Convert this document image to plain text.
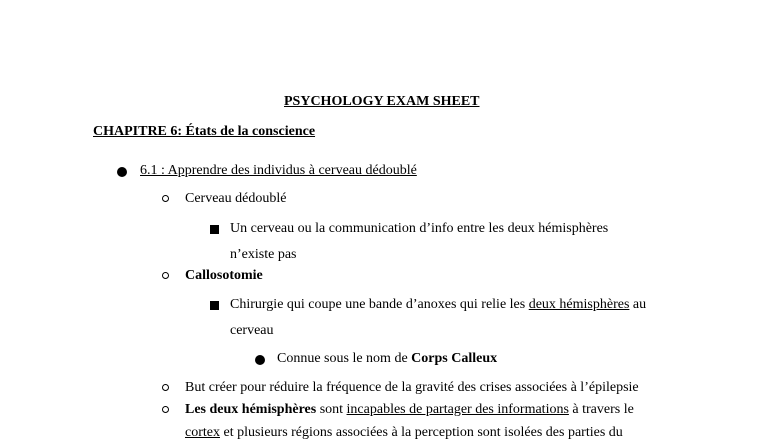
PSYCHOLOGY EXAM SHEET
CHAPITRE 6: États de la conscience
6.1 : Apprendre des individus à cerveau dédoublé
Cerveau dédoublé
Un cerveau ou la communication d’info entre les deux hémisphères
n’existe pas
Callosotomie
Chirurgie qui coupe une bande d’anoxes qui relie les deux hémisphères au
cerveau
Connue sous le nom de Corps Calleux
But créer pour réduire la fréquence de la gravité des crises associées à l’épilepsie
Les deux hémisphères sont incapables de partager des informations à travers le
cortex et plusieurs régions associées à la perception sont isolées des parties du
